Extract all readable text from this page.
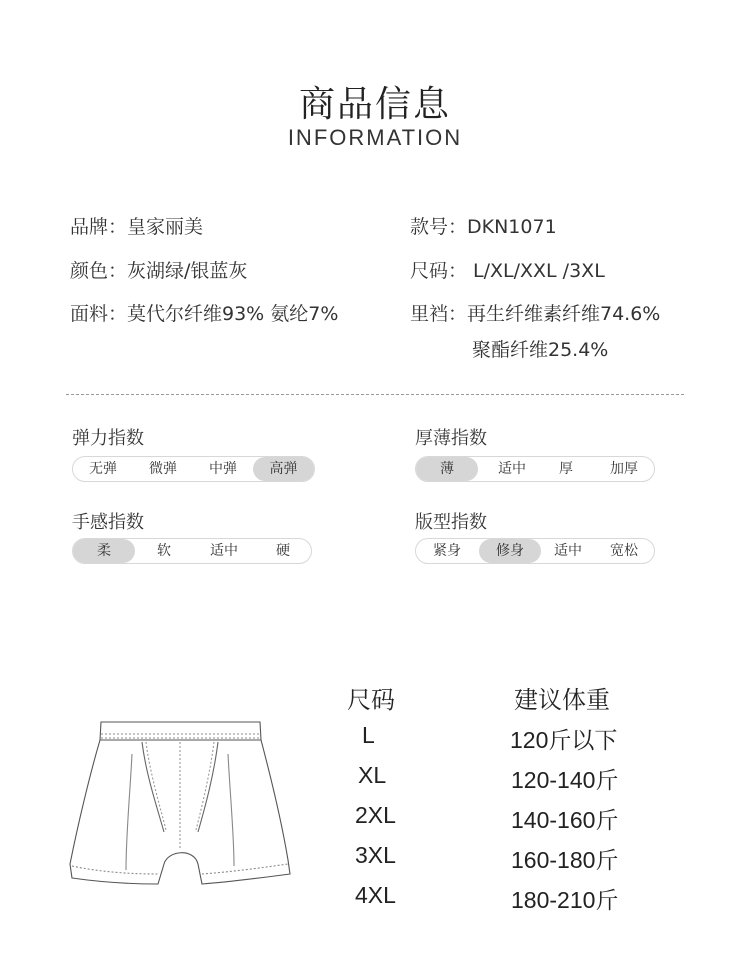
商品信息
INFORMATION
品牌：皇家丽美	款号：DKN1071
颜色：灰湖绿/银蓝灰	尺码： L/XL/XXL /3XL
面料：莫代尔纤维93% 氨纶7%	里裆：再生纤维素纤维74.6%
聚酯纤维25.4%
弹力指数
无弹	微弹	中弹	高弹
厚薄指数
薄	适中	厚	加厚
手感指数
柔	软	适中	硬
版型指数
紧身	修身	适中	宽松
尺码	建议体重
L	120斤以下
XL	120-140斤
2XL	140-160斤
3XL	160-180斤
4XL	180-210斤
